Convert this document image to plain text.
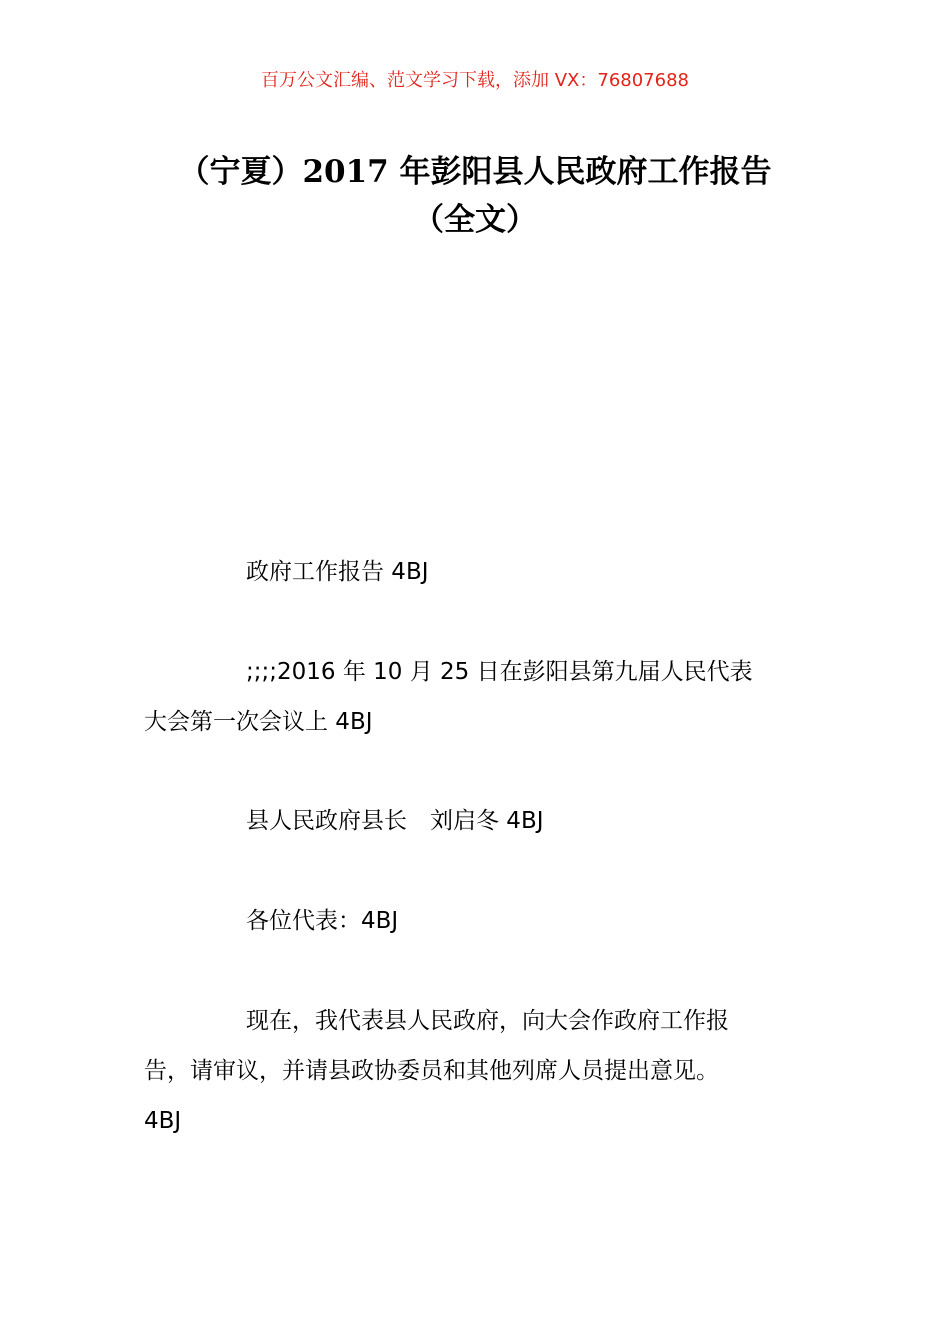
百万公文汇编、范文学习下载，添加 VX：76807688
（宁夏）2017 年彭阳县人民政府工作报告
（全文）

政府工作报告 4BJ

;;;;2016 年 10 月 25 日在彭阳县第九届人民代表
大会第一次会议上 4BJ

县人民政府县长　刘启冬 4BJ

各位代表：4BJ

现在，我代表县人民政府，向大会作政府工作报
告，请审议，并请县政协委员和其他列席人员提出意见。
4BJ
